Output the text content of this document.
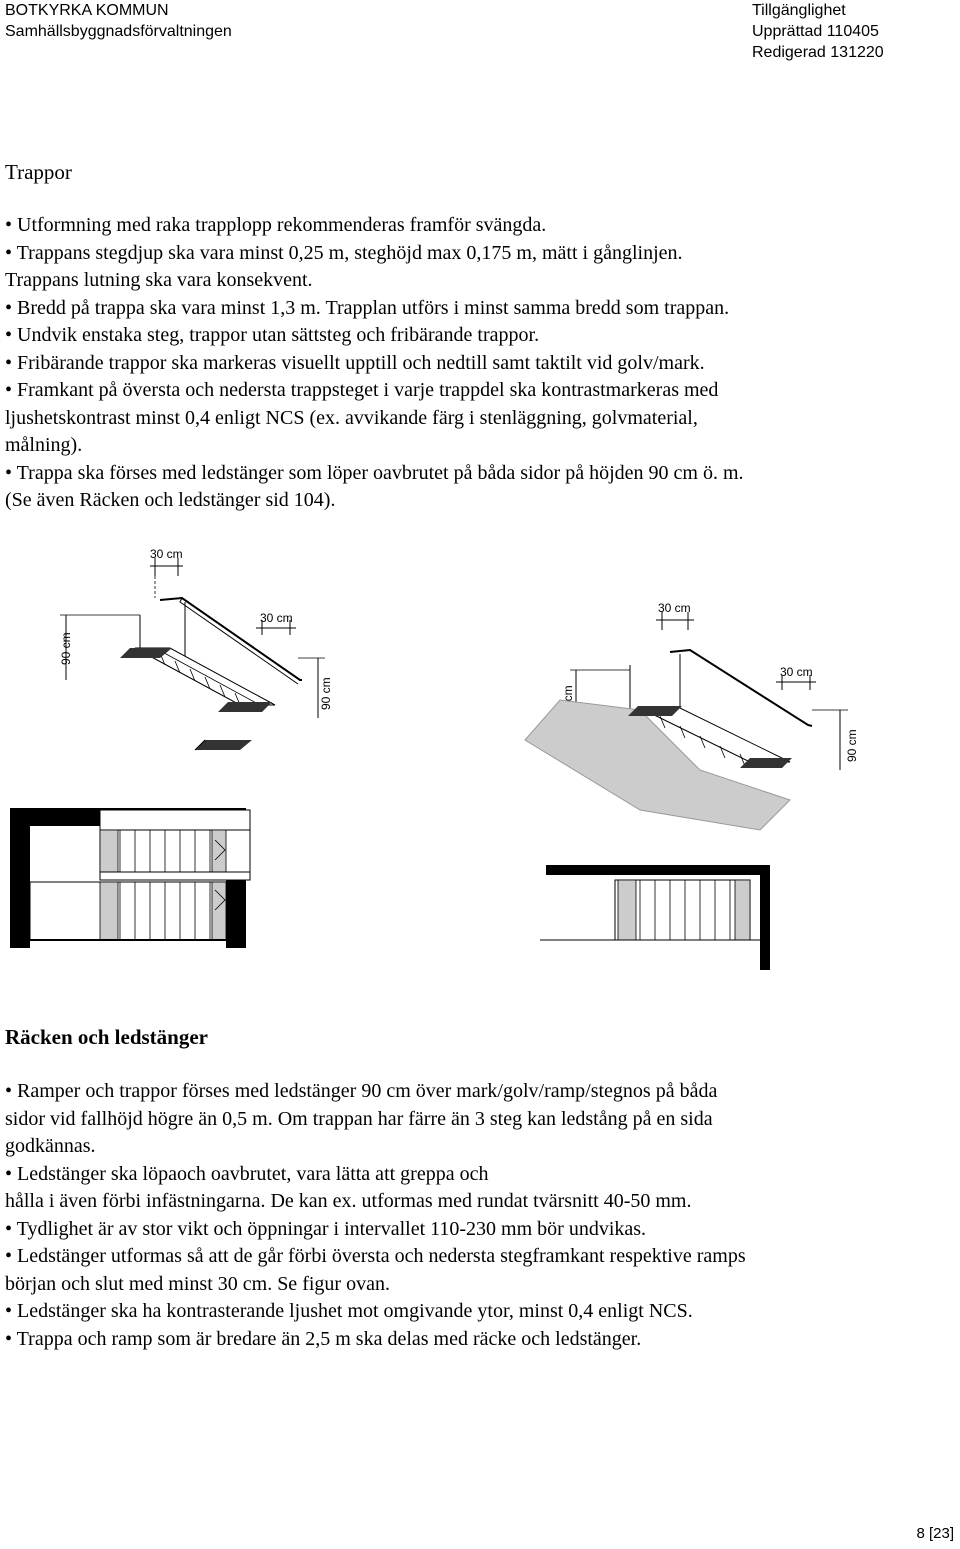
BOTKYRKA KOMMUN
Samhällsbyggnadsförvaltningen
Tillgänglighet
Upprättad 110405
Redigerad 131220
Trappor
• Utformning med raka trapplopp rekommenderas framför svängda.
• Trappans stegdjup ska vara minst 0,25 m, steghöjd max 0,175 m, mätt i gånglinjen.
Trappans lutning ska vara konsekvent.
• Bredd på trappa ska vara minst 1,3 m. Trapplan utförs i minst samma bredd som trappan.
• Undvik enstaka steg, trappor utan sättsteg och fribärande trappor.
• Fribärande trappor ska markeras visuellt upptill och nedtill samt taktilt vid golv/mark.
• Framkant på översta och nedersta trappsteget i varje trappdel ska kontrastmarkeras med
ljushetskontrast minst 0,4 enligt NCS (ex. avvikande färg i stenläggning, golvmaterial,
målning).
• Trappa ska förses med ledstänger som löper oavbrutet på båda sidor på höjden 90 cm ö. m.
(Se även Räcken och ledstänger sid 104).
30 cm
30 cm
90 cm
90 cm
30 cm
30 cm
90 cm
Räcken och ledstänger
• Ramper och trappor förses med ledstänger 90 cm över mark/golv/ramp/stegnos på båda
sidor vid fallhöjd högre än 0,5 m. Om trappan har färre än 3 steg kan ledstång på en sida
godkännas.
• Ledstänger ska löpaoch oavbrutet, vara lätta att greppa och
hålla i även förbi infästningarna. De kan ex. utformas med rundat tvärsnitt 40-50 mm.
• Tydlighet är av stor vikt och öppningar i intervallet 110-230 mm bör undvikas.
• Ledstänger utformas så att de går förbi översta och nedersta stegframkant respektive ramps
början och slut med minst 30 cm. Se figur ovan.
• Ledstänger ska ha kontrasterande ljushet mot omgivande ytor, minst 0,4 enligt NCS.
• Trappa och ramp som är bredare än 2,5 m ska delas med räcke och ledstänger.
8 [23]
